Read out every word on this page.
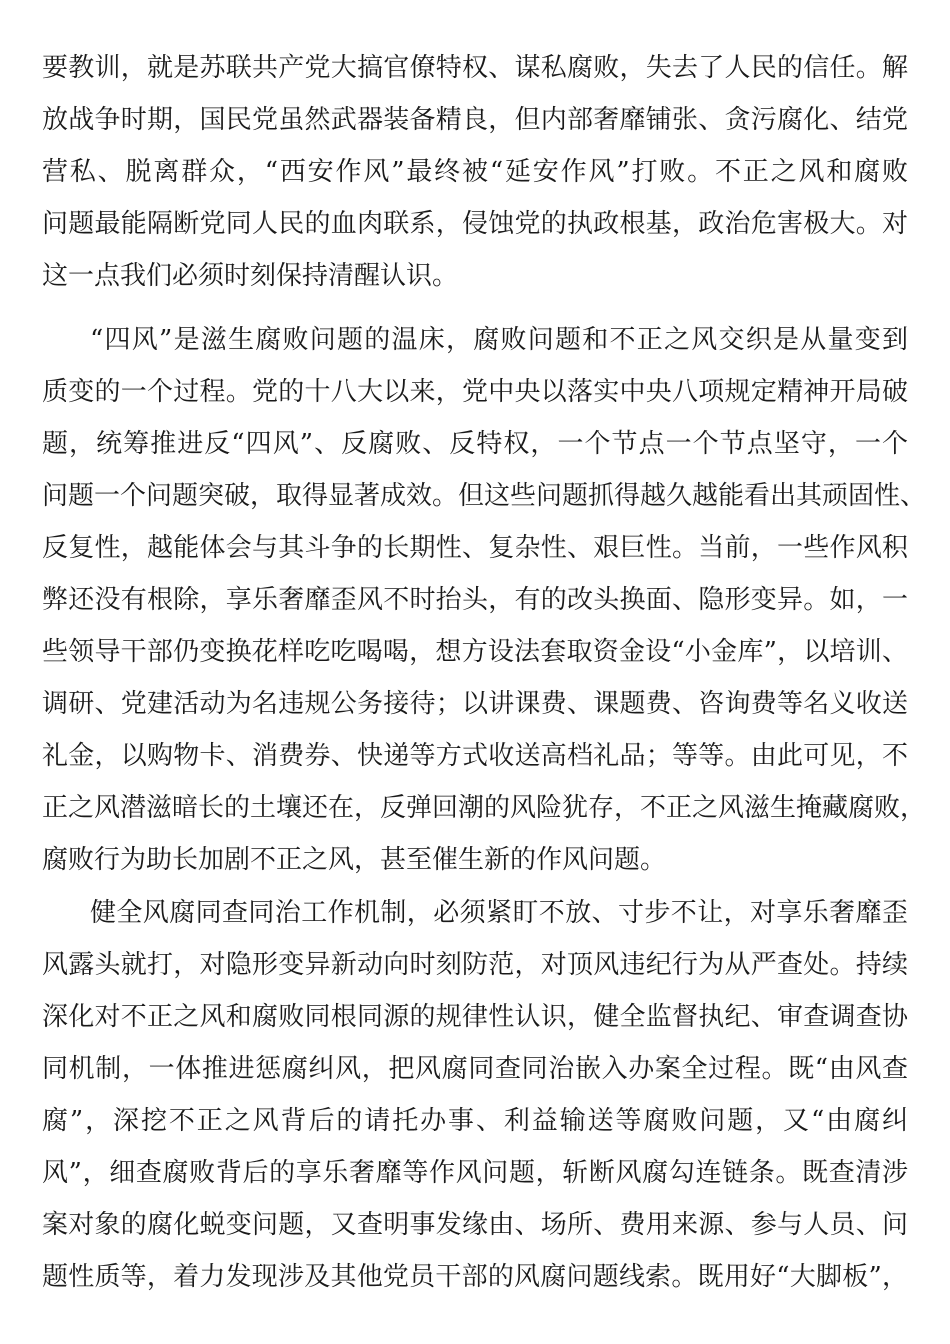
要教训，就是苏联共产党大搞官僚特权、谋私腐败，失去了人民的信任。解
放战争时期，国民党虽然武器装备精良，但内部奢靡铺张、贪污腐化、结党
营私、脱离群众，“西安作风”最终被“延安作风”打败。不正之风和腐败
问题最能隔断党同人民的血肉联系，侵蚀党的执政根基，政治危害极大。对
这一点我们必须时刻保持清醒认识。
“四风”是滋生腐败问题的温床，腐败问题和不正之风交织是从量变到
质变的一个过程。党的十八大以来，党中央以落实中央八项规定精神开局破
题，统筹推进反“四风”、反腐败、反特权，一个节点一个节点坚守，一个
问题一个问题突破，取得显著成效。但这些问题抓得越久越能看出其顽固性、
反复性，越能体会与其斗争的长期性、复杂性、艰巨性。当前，一些作风积
弊还没有根除，享乐奢靡歪风不时抬头，有的改头换面、隐形变异。如，一
些领导干部仍变换花样吃吃喝喝，想方设法套取资金设“小金库”，以培训、
调研、党建活动为名违规公务接待；以讲课费、课题费、咨询费等名义收送
礼金，以购物卡、消费券、快递等方式收送高档礼品；等等。由此可见，不
正之风潜滋暗长的土壤还在，反弹回潮的风险犹存，不正之风滋生掩藏腐败，
腐败行为助长加剧不正之风，甚至催生新的作风问题。
健全风腐同查同治工作机制，必须紧盯不放、寸步不让，对享乐奢靡歪
风露头就打，对隐形变异新动向时刻防范，对顶风违纪行为从严查处。持续
深化对不正之风和腐败同根同源的规律性认识，健全监督执纪、审查调查协
同机制，一体推进惩腐纠风，把风腐同查同治嵌入办案全过程。既“由风查
腐”，深挖不正之风背后的请托办事、利益输送等腐败问题，又“由腐纠
风”，细查腐败背后的享乐奢靡等作风问题，斩断风腐勾连链条。既查清涉
案对象的腐化蜕变问题，又查明事发缘由、场所、费用来源、参与人员、问
题性质等，着力发现涉及其他党员干部的风腐问题线索。既用好“大脚板”，
